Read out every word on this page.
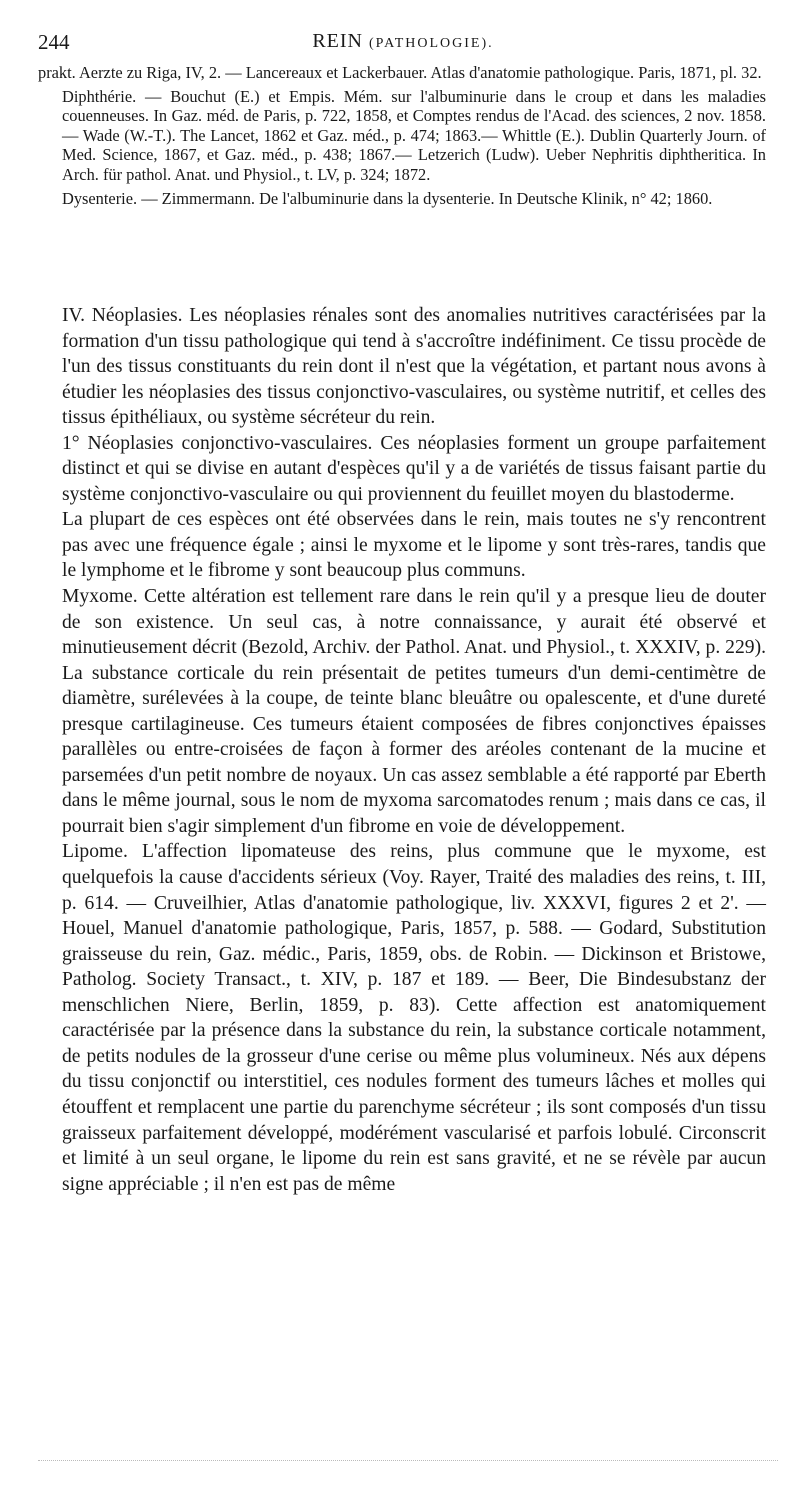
244	REIN (PATHOLOGIE).

prakt. Aerzte zu Riga, IV, 2. — Lancereaux et Lackerbauer. Atlas d'anatomie pathologique. Paris, 1871, pl. 32.

Diphthérie. — Bouchut (E.) et Empis. Mém. sur l'albuminurie dans le croup et dans les maladies couenneuses. In Gaz. méd. de Paris, p. 722, 1858, et Comptes rendus de l'Acad. des sciences, 2 nov. 1858. — Wade (W.-T.). The Lancet, 1862 et Gaz. méd., p. 474; 1863.— Whittle (E.). Dublin Quarterly Journ. of Med. Science, 1867, et Gaz. méd., p. 438; 1867.— Letzerich (Ludw). Ueber Nephritis diphtheritica. In Arch. für pathol. Anat. und Physiol., t. LV, p. 324; 1872.

Dysenterie. — Zimmermann. De l'albuminurie dans la dysenterie. In Deutsche Klinik, n° 42; 1860.

IV. Néoplasies. Les néoplasies rénales sont des anomalies nutritives caractérisées par la formation d'un tissu pathologique qui tend à s'accroître indéfiniment. Ce tissu procède de l'un des tissus constituants du rein dont il n'est que la végétation, et partant nous avons à étudier les néoplasies des tissus conjonctivo-vasculaires, ou système nutritif, et celles des tissus épithéliaux, ou système sécréteur du rein.

1° Néoplasies conjonctivo-vasculaires. Ces néoplasies forment un groupe parfaitement distinct et qui se divise en autant d'espèces qu'il y a de variétés de tissus faisant partie du système conjonctivo-vasculaire ou qui proviennent du feuillet moyen du blastoderme.

La plupart de ces espèces ont été observées dans le rein, mais toutes ne s'y rencontrent pas avec une fréquence égale ; ainsi le myxome et le lipome y sont très-rares, tandis que le lymphome et le fibrome y sont beaucoup plus communs.

Myxome. Cette altération est tellement rare dans le rein qu'il y a presque lieu de douter de son existence. Un seul cas, à notre connaissance, y aurait été observé et minutieusement décrit (Bezold, Archiv. der Pathol. Anat. und Physiol., t. XXXIV, p. 229). La substance corticale du rein présentait de petites tumeurs d'un demi-centimètre de diamètre, surélevées à la coupe, de teinte blanc bleuâtre ou opalescente, et d'une dureté presque cartilagineuse. Ces tumeurs étaient composées de fibres conjonctives épaisses parallèles ou entre-croisées de façon à former des aréoles contenant de la mucine et parsemées d'un petit nombre de noyaux. Un cas assez semblable a été rapporté par Eberth dans le même journal, sous le nom de myxoma sarcomatodes renum ; mais dans ce cas, il pourrait bien s'agir simplement d'un fibrome en voie de développement.

Lipome. L'affection lipomateuse des reins, plus commune que le myxome, est quelquefois la cause d'accidents sérieux (Voy. Rayer, Traité des maladies des reins, t. III, p. 614. — Cruveilhier, Atlas d'anatomie pathologique, liv. XXXVI, figures 2 et 2'. — Houel, Manuel d'anatomie pathologique, Paris, 1857, p. 588. — Godard, Substitution graisseuse du rein, Gaz. médic., Paris, 1859, obs. de Robin. — Dickinson et Bristowe, Patholog. Society Transact., t. XIV, p. 187 et 189. — Beer, Die Bindesubstanz der menschlichen Niere, Berlin, 1859, p. 83). Cette affection est anatomiquement caractérisée par la présence dans la substance du rein, la substance corticale notamment, de petits nodules de la grosseur d'une cerise ou même plus volumineux. Nés aux dépens du tissu conjonctif ou interstitiel, ces nodules forment des tumeurs lâches et molles qui étouffent et remplacent une partie du parenchyme sécréteur ; ils sont composés d'un tissu graisseux parfaitement développé, modérément vascularisé et parfois lobulé. Circonscrit et limité à un seul organe, le lipome du rein est sans gravité, et ne se révèle par aucun signe appréciable ; il n'en est pas de même
